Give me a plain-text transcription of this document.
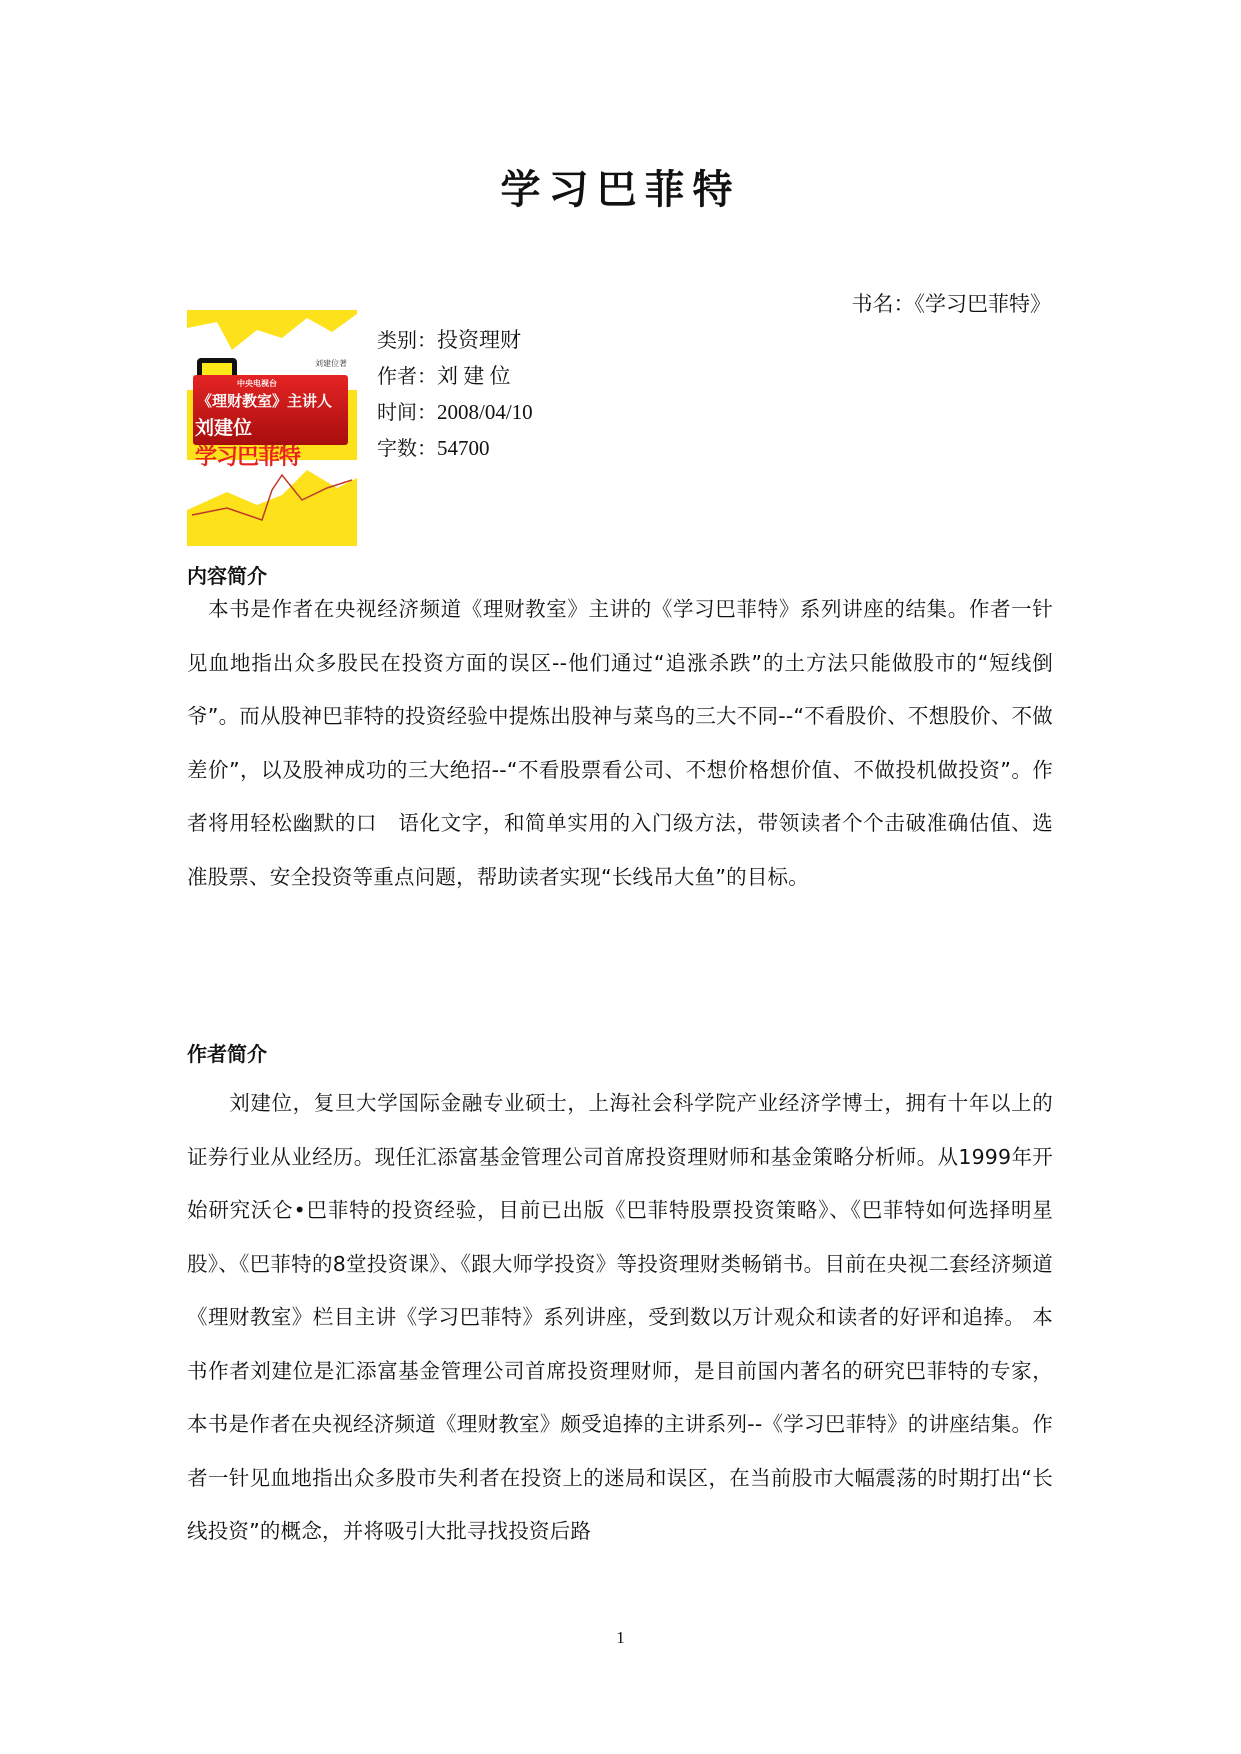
学习巴菲特
书名：《学习巴菲特》
刘建位著
中央电视台
《理财教室》主讲人
刘建位
学习巴菲特
类别：投资理财
作者：刘 建 位
时间：2008/04/10
字数：54700
内容简介
　本书是作者在央视经济频道《理财教室》主讲的《学习巴菲特》系列讲座的结集。作者一针见血地指出众多股民在投资方面的误区--他们通过“追涨杀跌”的土方法只能做股市的“短线倒爷”。而从股神巴菲特的投资经验中提炼出股神与菜鸟的三大不同--“不看股价、不想股价、不做差价”，以及股神成功的三大绝招--“不看股票看公司、不想价格想价值、不做投机做投资”。作者将用轻松幽默的口　语化文字，和简单实用的入门级方法，带领读者个个击破准确估值、选准股票、安全投资等重点问题，帮助读者实现“长线吊大鱼”的目标。
作者简介
　　刘建位，复旦大学国际金融专业硕士，上海社会科学院产业经济学博士，拥有十年以上的证券行业从业经历。现任汇添富基金管理公司首席投资理财师和基金策略分析师。从1999年开始研究沃仑•巴菲特的投资经验，目前已出版《巴菲特股票投资策略》、《巴菲特如何选择明星股》、《巴菲特的8堂投资课》、《跟大师学投资》等投资理财类畅销书。目前在央视二套经济频道《理财教室》栏目主讲《学习巴菲特》系列讲座，受到数以万计观众和读者的好评和追捧。 本书作者刘建位是汇添富基金管理公司首席投资理财师，是目前国内著名的研究巴菲特的专家，本书是作者在央视经济频道《理财教室》颇受追捧的主讲系列--《学习巴菲特》的讲座结集。作者一针见血地指出众多股市失利者在投资上的迷局和误区，在当前股市大幅震荡的时期打出“长线投资”的概念，并将吸引大批寻找投资后路
1
